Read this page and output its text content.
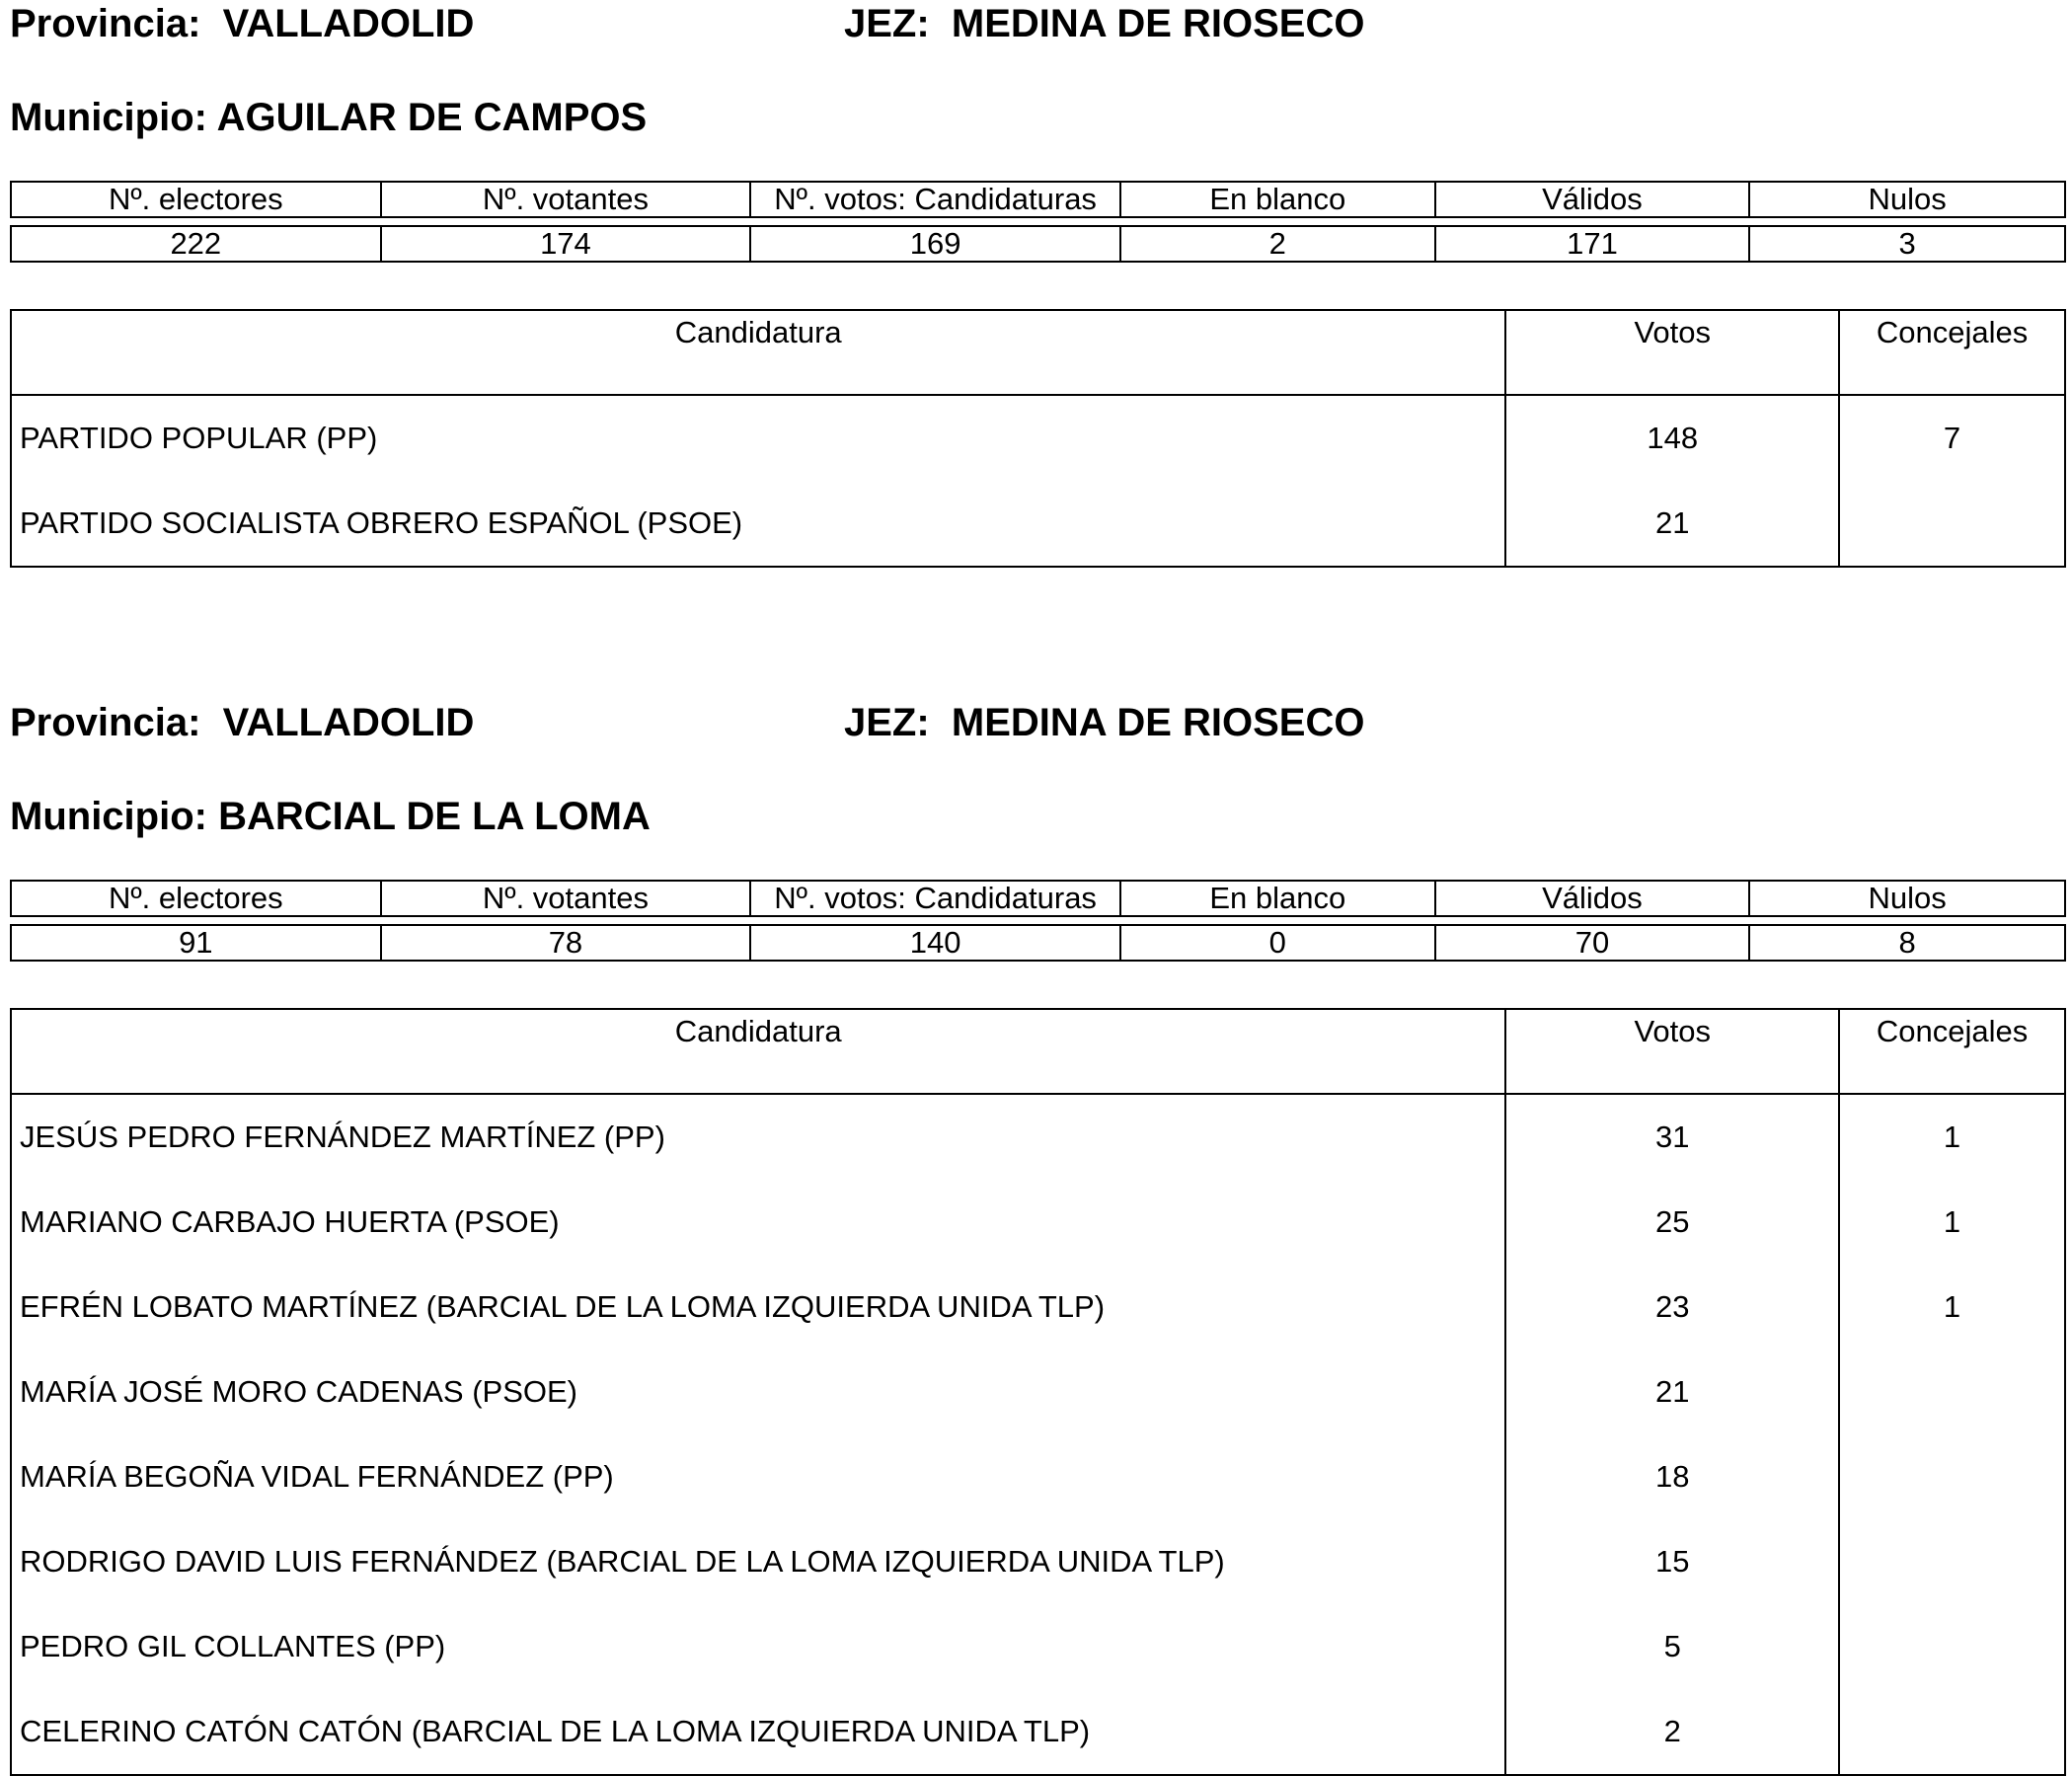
Provincia: VALLADOLID	JEZ: MEDINA DE RIOSECO
Municipio: AGUILAR DE CAMPOS
Nº. electores	Nº. votantes	Nº. votos: Candidaturas	En blanco	Válidos	Nulos

222	174	169	2	171	3
Candidatura	Votos	Concejales
PARTIDO POPULAR (PP)	148	7
PARTIDO SOCIALISTA OBRERO ESPAÑOL (PSOE)	21	
Provincia: VALLADOLID	JEZ: MEDINA DE RIOSECO
Municipio: BARCIAL DE LA LOMA
Nº. electores	Nº. votantes	Nº. votos: Candidaturas	En blanco	Válidos	Nulos

91	78	140	0	70	8
Candidatura	Votos	Concejales
JESÚS PEDRO FERNÁNDEZ MARTÍNEZ (PP)	31	1
MARIANO CARBAJO HUERTA (PSOE)	25	1
EFRÉN LOBATO MARTÍNEZ (BARCIAL DE LA LOMA IZQUIERDA UNIDA TLP)	23	1
MARÍA JOSÉ MORO CADENAS (PSOE)	21	
MARÍA BEGOÑA VIDAL FERNÁNDEZ (PP)	18	
RODRIGO DAVID LUIS FERNÁNDEZ (BARCIAL DE LA LOMA IZQUIERDA UNIDA TLP)	15	
PEDRO GIL COLLANTES (PP)	5	
CELERINO CATÓN CATÓN (BARCIAL DE LA LOMA IZQUIERDA UNIDA TLP)	2	
